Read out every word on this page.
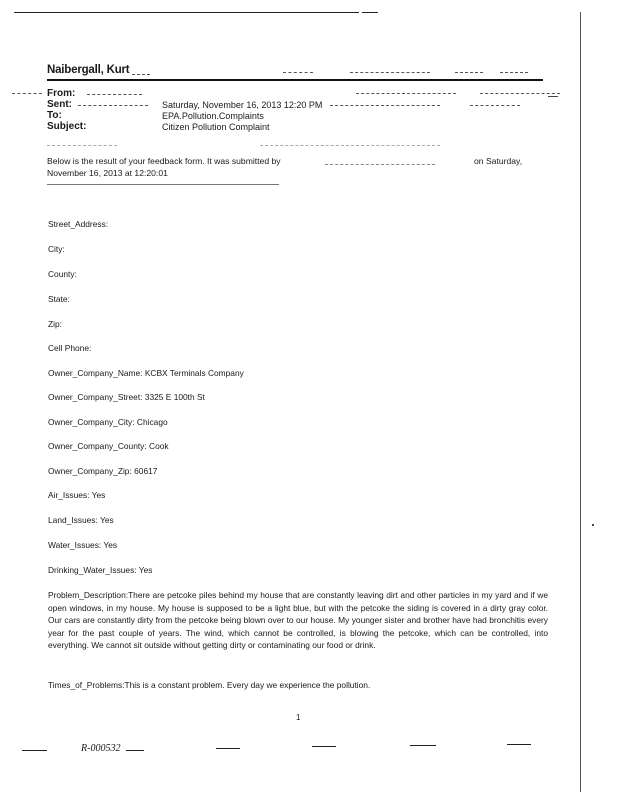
Naibergall, Kurt
From:
Sent:	Saturday, November 16, 2013 12:20 PM
To:	EPA.Pollution.Complaints
Subject:	Citizen Pollution Complaint
Below is the result of your feedback form. It was submitted by	on Saturday,
November 16, 2013 at 12:20:01
Street_Address:
City:
County:
State:
Zip:
Cell Phone:
Owner_Company_Name: KCBX Terminals Company
Owner_Company_Street: 3325 E 100th St
Owner_Company_City: Chicago
Owner_Company_County: Cook
Owner_Company_Zip: 60617
Air_Issues: Yes
Land_Issues: Yes
Water_Issues: Yes
Drinking_Water_Issues: Yes
Problem_Description:There are petcoke piles behind my house that are constantly leaving dirt and other particles in my yard and if we open windows, in my house. My house is supposed to be a light blue, but with the petcoke the siding is covered in a dirty gray color. Our cars are constantly dirty from the petcoke being blown over to our house. My younger sister and brother have had bronchitis every year for the past couple of years. The wind, which cannot be controlled, is blowing the petcoke, which can be controlled, into everything. We cannot sit outside without getting dirty or contaminating our food or drink.
Times_of_Problems:This is a constant problem. Every day we experience the pollution.
1
R-000532
